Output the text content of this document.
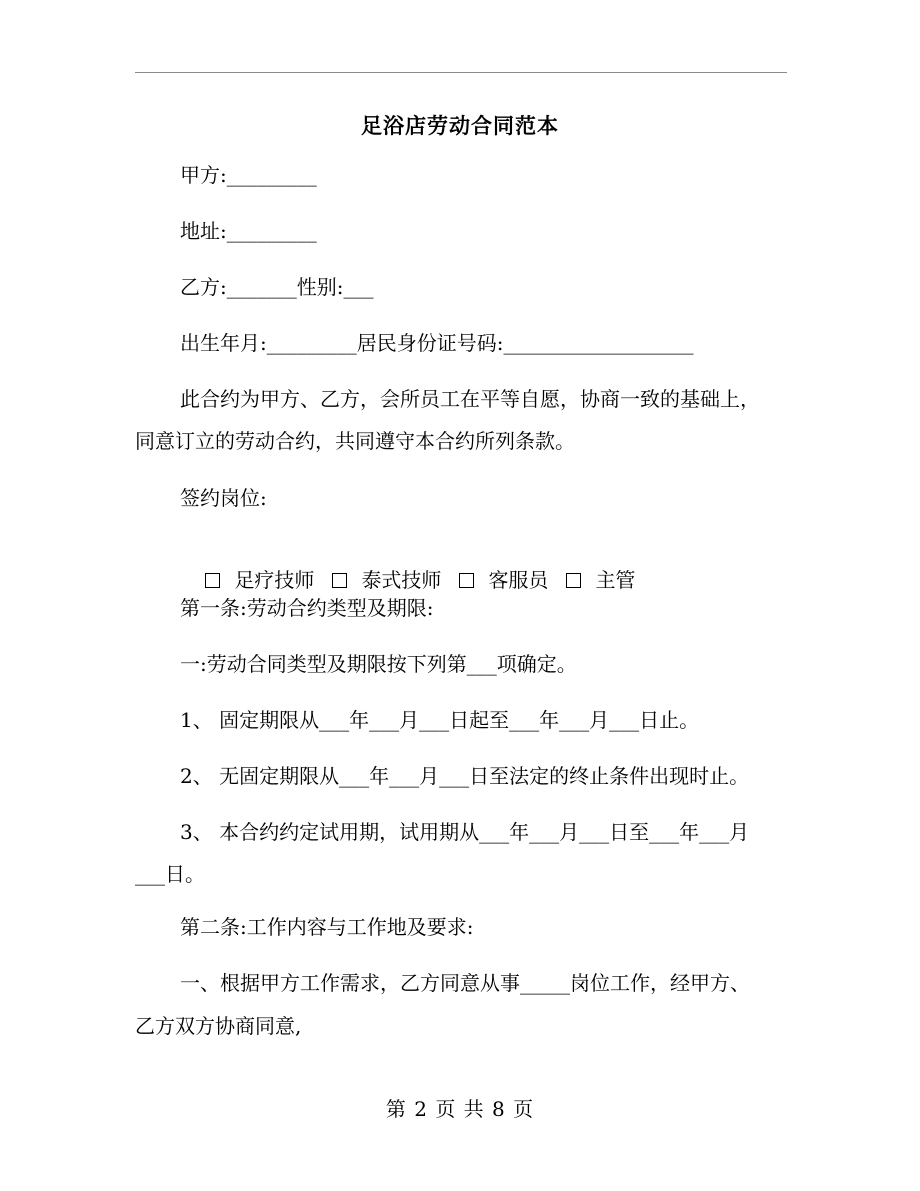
足浴店劳动合同范本
甲方:_________
地址:_________
乙方:_______性别:___
出生年月:_________居民身份证号码:___________________
此合约为甲方、乙方，会所员工在平等自愿，协商一致的基础上，
同意订立的劳动合约，共同遵守本合约所列条款。
签约岗位:

足疗技师 泰式技师 客服员 主管

第一条:劳动合约类型及期限:
一:劳动合同类型及期限按下列第___项确定。
1、 固定期限从___年___月___日起至___年___月___日止。
2、 无固定期限从___年___月___日至法定的终止条件出现时止。
3、 本合约约定试用期，试用期从___年___月___日至___年___月
___日。
第二条:工作内容与工作地及要求:
一、根据甲方工作需求，乙方同意从事_____岗位工作，经甲方、
乙方双方协商同意,
第 2 页 共 8 页
